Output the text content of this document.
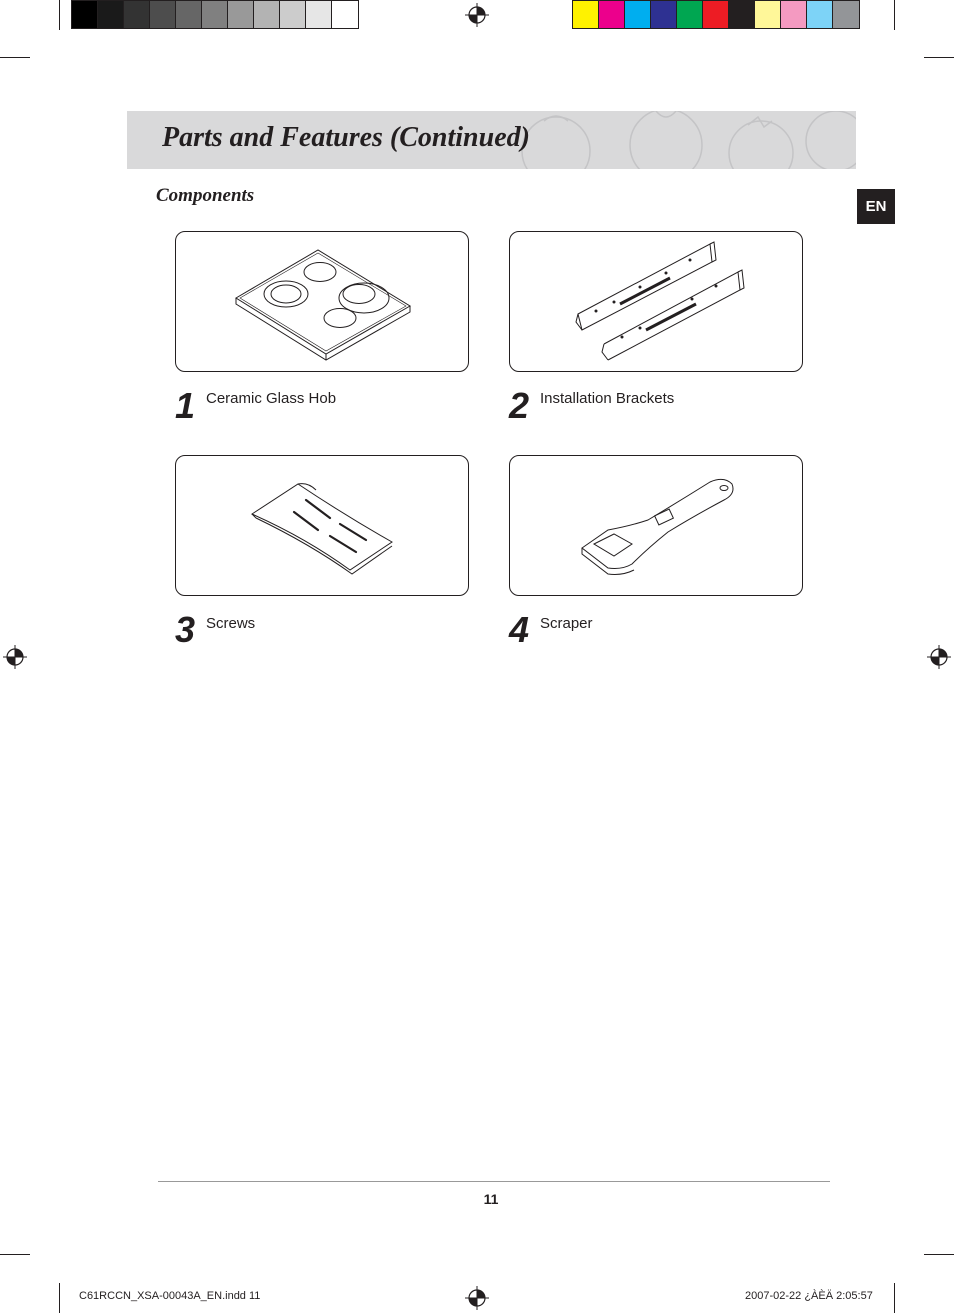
Parts and Features (Continued)
EN
Components
1 Ceramic Glass Hob	2 Installation Brackets
3 Screws	4 Scraper
11
C61RCCN_XSA-00043A_EN.indd 11	2007-02-22 ¿ÀÈÄ 2:05:57
